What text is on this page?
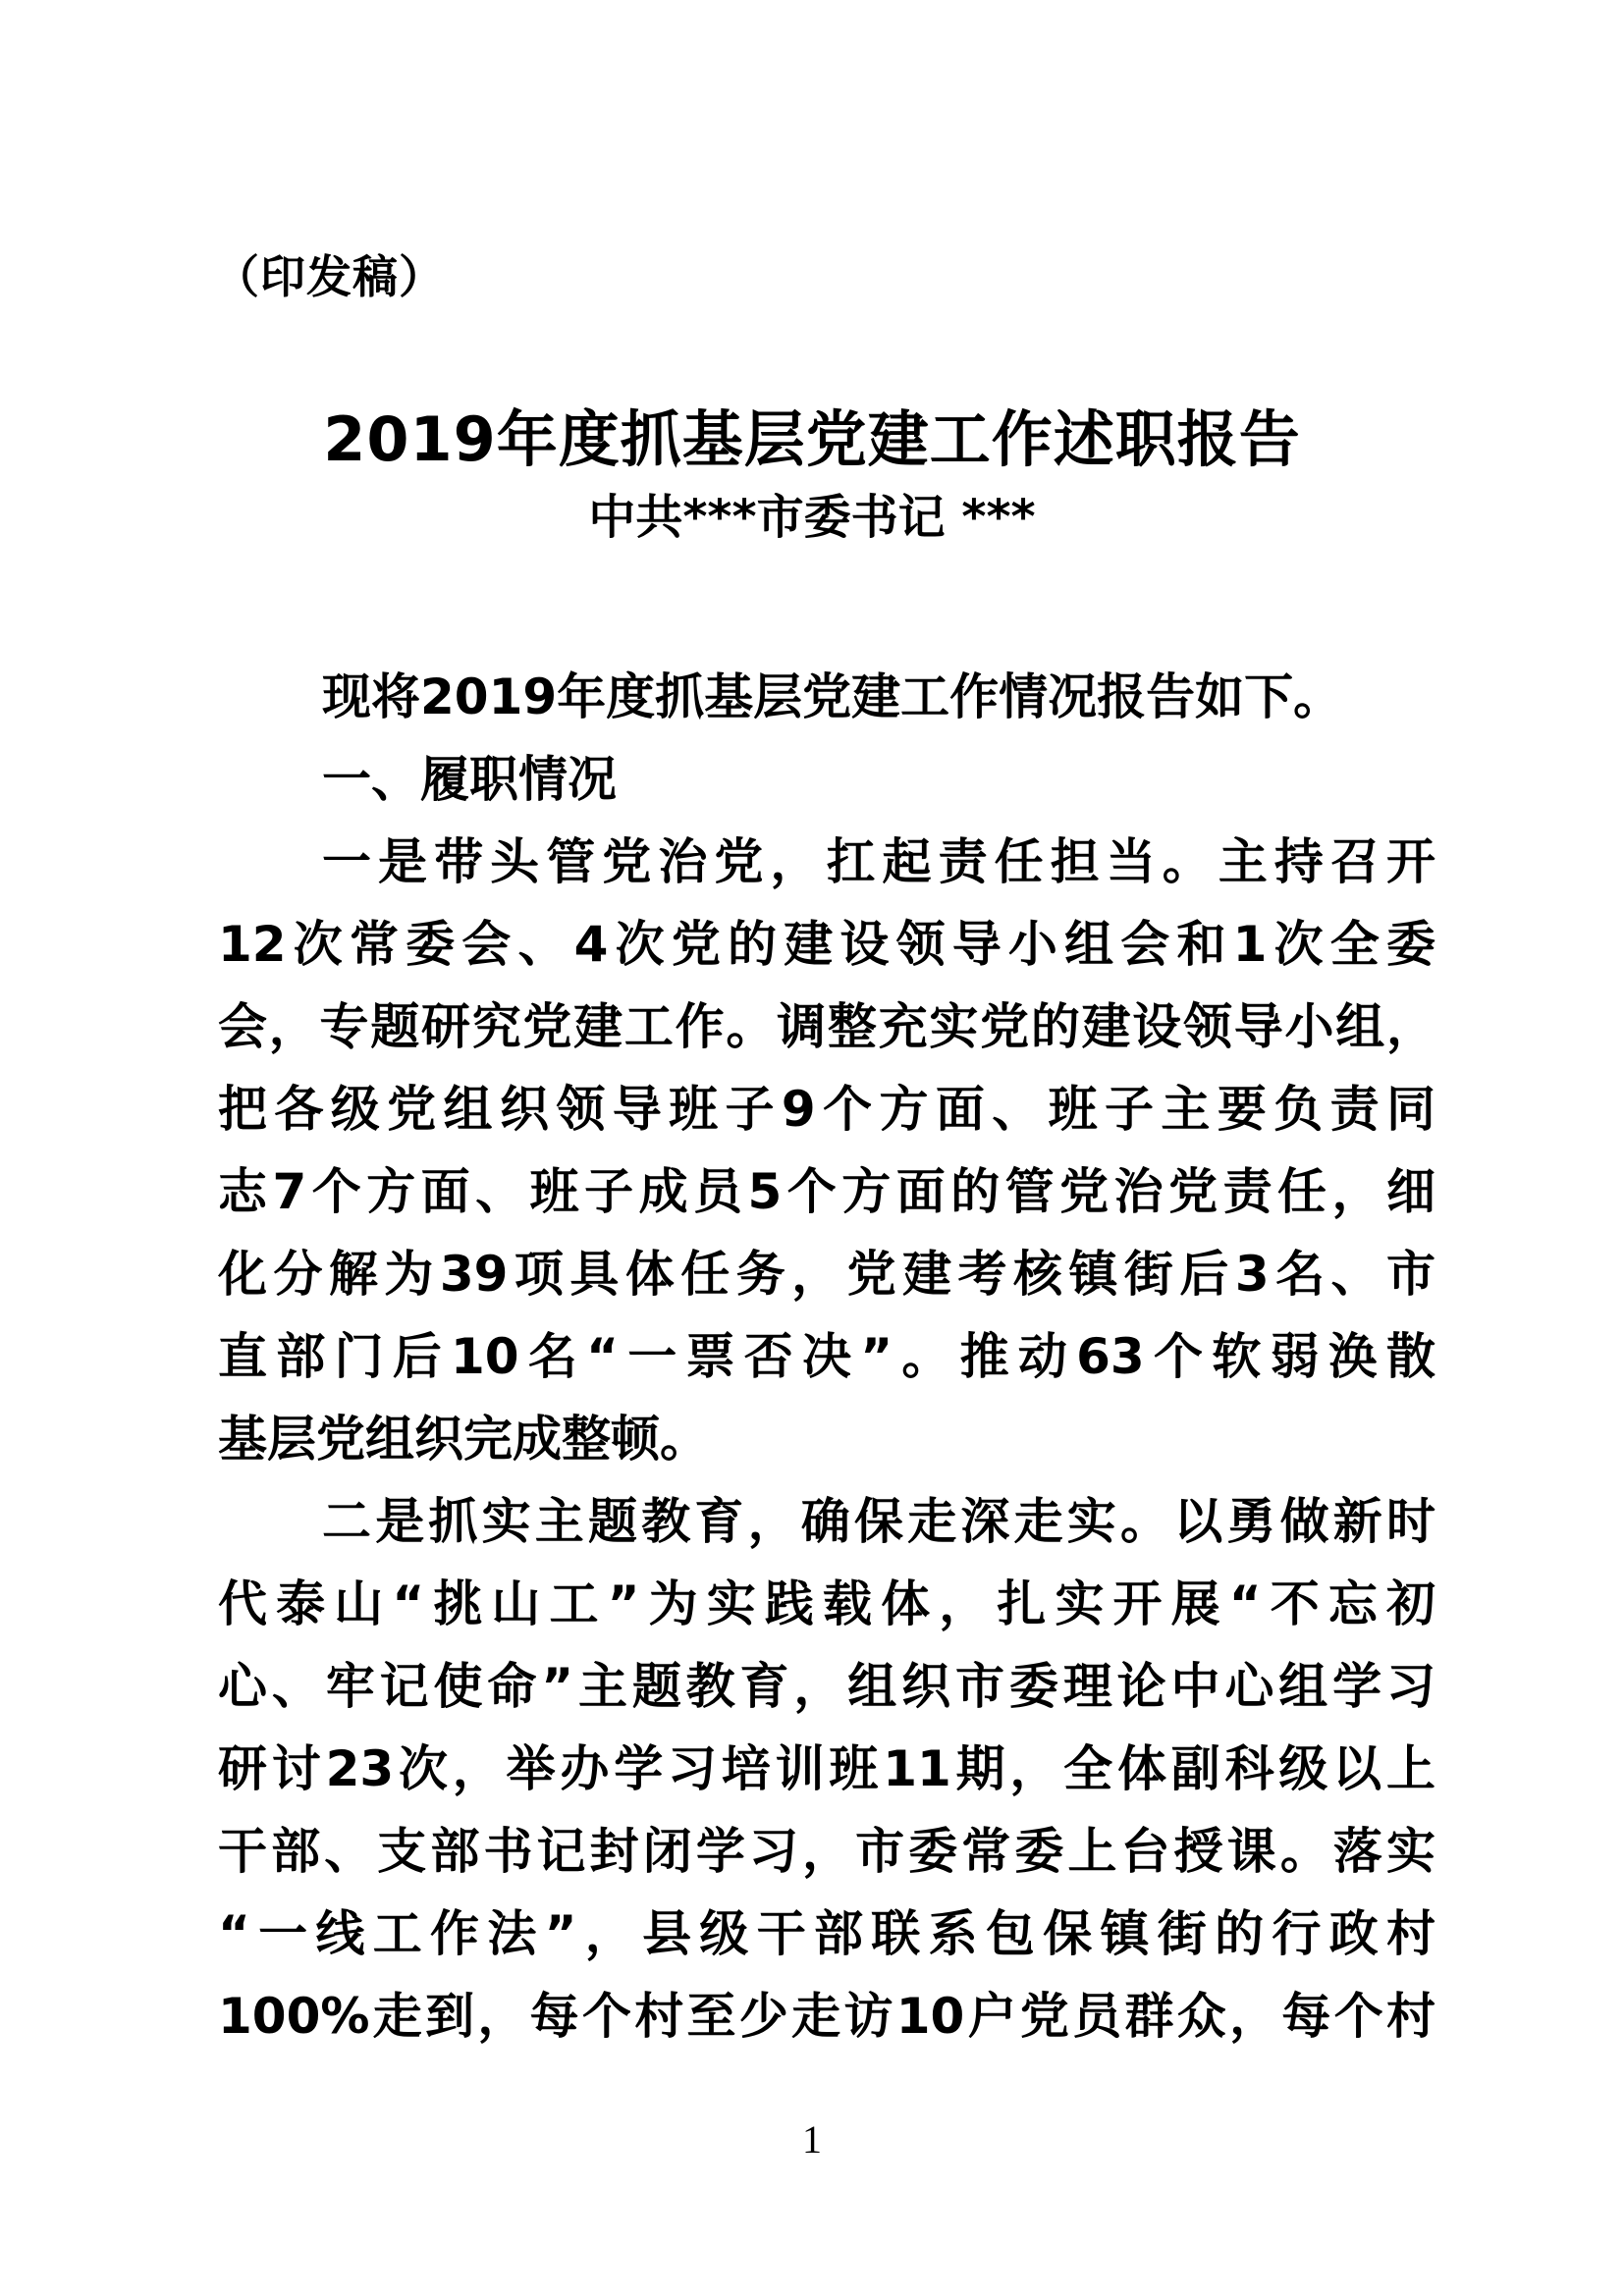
（印发稿）
2019年度抓基层党建工作述职报告
中共***市委书记 ***
现将2019年度抓基层党建工作情况报告如下。
一、履职情况
一是带头管党治党，扛起责任担当。主持召开
12次常委会、4次党的建设领导小组会和1次全委
会，专题研究党建工作。调整充实党的建设领导小组，
把各级党组织领导班子9个方面、班子主要负责同
志7个方面、班子成员5个方面的管党治党责任，细
化分解为39项具体任务，党建考核镇街后3名、市
直部门后10名“一票否决”。推动63个软弱涣散
基层党组织完成整顿。
二是抓实主题教育，确保走深走实。以勇做新时
代泰山“挑山工”为实践载体，扎实开展“不忘初
心、牢记使命”主题教育，组织市委理论中心组学习
研讨23次，举办学习培训班11期，全体副科级以上
干部、支部书记封闭学习，市委常委上台授课。落实
“一线工作法”，县级干部联系包保镇街的行政村
100%走到，每个村至少走访10户党员群众，每个村
1
